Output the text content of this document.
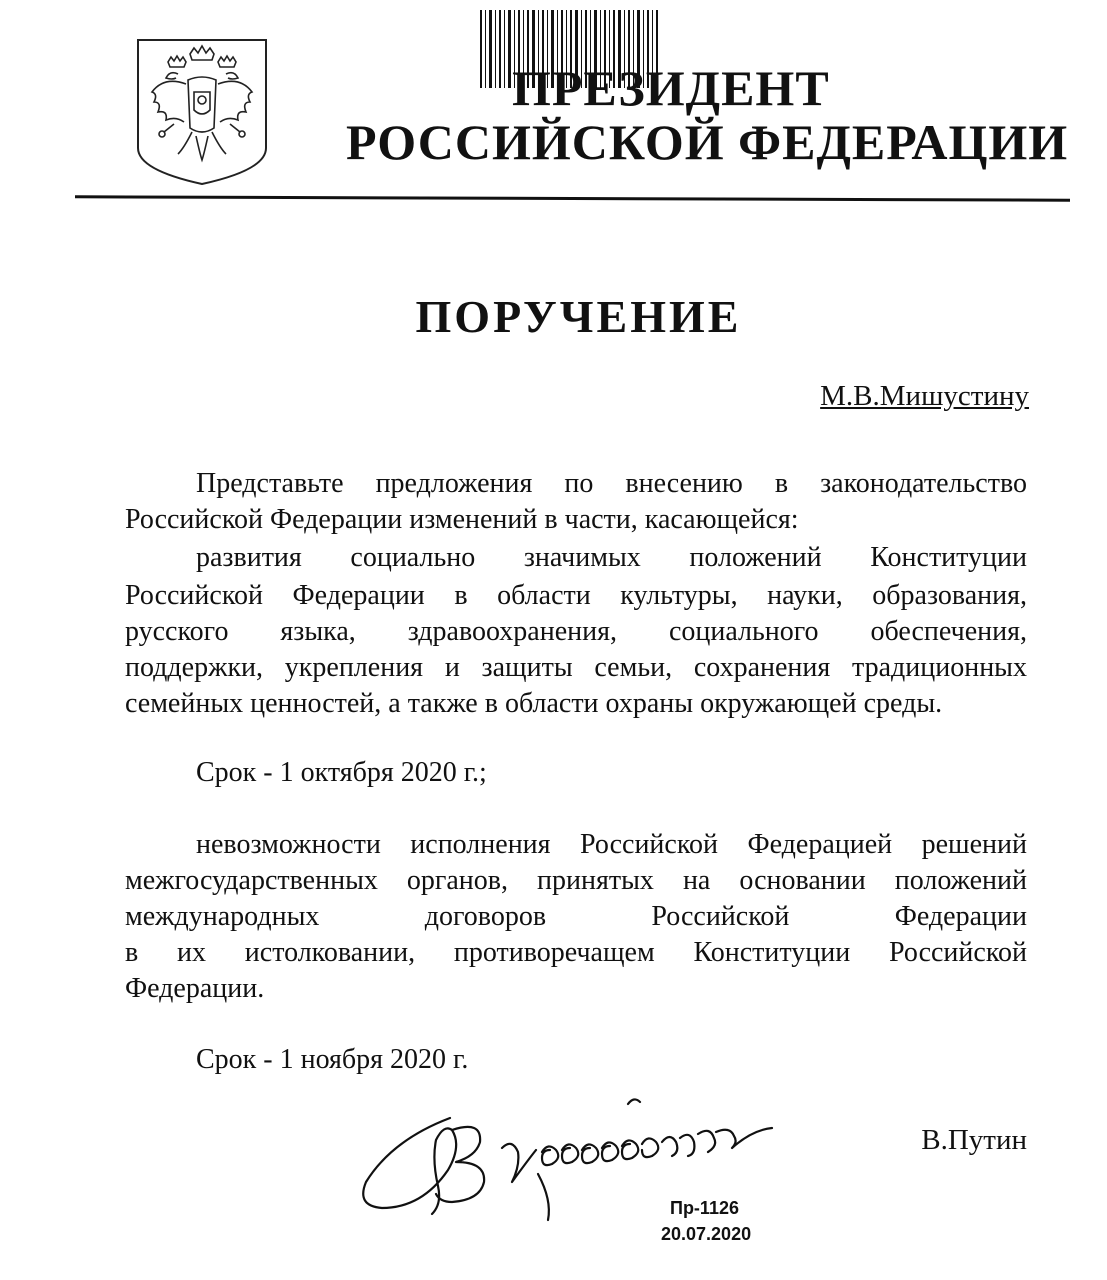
ПРЕЗИДЕНТ
РОССИЙСКОЙ ФЕДЕРАЦИИ
ПОРУЧЕНИЕ
М.В.Мишустину
Представьте предложения по внесению в законодательство
Российской Федерации изменений в части, касающейся:
развития социально значимых положений Конституции
Российской Федерации в области культуры, науки, образования,
русского языка, здравоохранения, социального обеспечения,
поддержки, укрепления и защиты семьи, сохранения традиционных
семейных ценностей, а также в области охраны окружающей среды.
Срок - 1 октября 2020 г.;
невозможности исполнения Российской Федерацией решений
межгосударственных органов, принятых на основании положений
международных договоров Российской Федерации
в их истолковании, противоречащем Конституции Российской
Федерации.
Срок - 1 ноября 2020 г.
В.Путин
Пр-1126
20.07.2020
